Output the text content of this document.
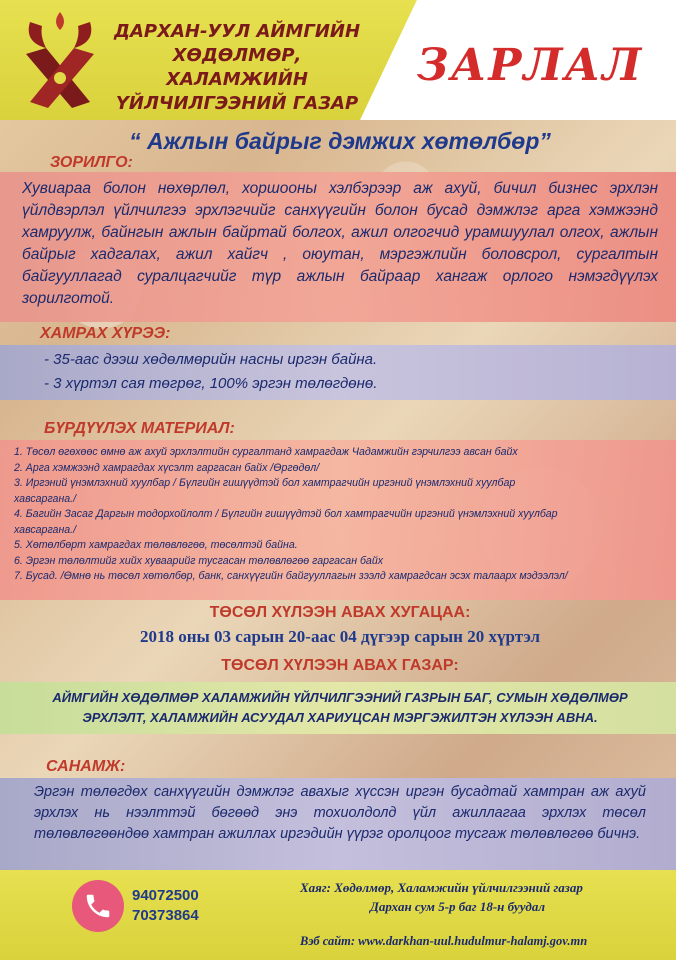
ДАРХАН-УУЛ АЙМГИЙН
ХӨДӨЛМӨР, ХАЛАМЖИЙН
ҮЙЛЧИЛГЭЭНИЙ ГАЗАР
ЗАРЛАЛ
“ Ажлын байрыг дэмжих хөтөлбөр”
ЗОРИЛГО:
Хувиараа болон нөхөрлөл, хоршооны хэлбэрээр аж ахуй, бичил бизнес эрхлэн үйлдвэрлэл үйлчилгээ эрхлэгчийг санхүүгийн болон бусад дэмжлэг арга хэмжээнд хамруулж, байнгын ажлын байртай болгох, ажил олгогчид урамшуулал олгох, ажлын байрыг хадгалах, ажил хайгч , оюутан, мэргэжлийн боловсрол, сургалтын байгууллагад суралцагчийг түр ажлын байраар хангаж орлого нэмэгдүүлэх зорилготой.
ХАМРАХ ХҮРЭЭ:
- 35-аас дээш хөдөлмөрийн насны иргэн байна.
- 3 хүртэл сая төгрөг, 100% эргэн төлөгдөнө.
БҮРДҮҮЛЭХ МАТЕРИАЛ:
1. Төсөл өгөхөөс өмнө аж ахуй эрхлэлтийн сургалтанд хамрагдаж Чадамжийн гэрчилгээ авсан байх
2. Арга хэмжээнд хамрагдах хүсэлт гаргасан байх /Өргөдөл/
3. Иргэний үнэмлэхний хуулбар / Бүлгийн гишүүдтэй бол хамтрагчийн иргэний үнэмлэхний хуулбар
хавсаргана./
4. Багийн Засаг Даргын тодорхойлолт / Бүлгийн гишүүдтэй бол хамтрагчийн иргэний үнэмлэхний хуулбар
хавсаргана./
5. Хөтөлбөрт хамрагдах төлөвлөгөө, төсөлтэй байна.
6. Эргэн төлөлтийг хийх хуваарийг тусгасан төлөвлөгөө гаргасан байх
7. Бусад. /Өмнө нь төсөл хөтөлбөр, банк, санхүүгийн байгууллагын зээлд хамрагдсан эсэх талаарх мэдээлэл/
ТӨСӨЛ ХҮЛЭЭН АВАХ ХУГАЦАА:
2018 оны 03 сарын 20-аас 04 дүгээр сарын 20 хүртэл
ТӨСӨЛ ХҮЛЭЭН АВАХ ГАЗАР:
АЙМГИЙН ХӨДӨЛМӨР ХАЛАМЖИЙН ҮЙЛЧИЛГЭЭНИЙ ГАЗРЫН БАГ, СУМЫН ХӨДӨЛМӨР
ЭРХЛЭЛТ, ХАЛАМЖИЙН АСУУДАЛ ХАРИУЦСАН МЭРГЭЖИЛТЭН ХҮЛЭЭН АВНА.
САНАМЖ:
Эргэн төлөгдөх санхүүгийн дэмжлэг авахыг хүссэн иргэн бусадтай хамтран аж ахуй эрхлэх нь нээлттэй бөгөөд энэ тохиолдолд үйл ажиллагаа эрхлэх төсөл төлөвлөгөөндөө хамтран ажиллах иргэдийн үүрэг оролцоог тусгаж төлөвлөгөө бичнэ.
94072500
70373864
Хаяг: Хөдөлмөр, Халамжийн үйлчилгээний газар
Дархан сум 5-р баг 18-н буудал
Вэб сайт: www.darkhan-uul.hudulmur-halamj.gov.mn
